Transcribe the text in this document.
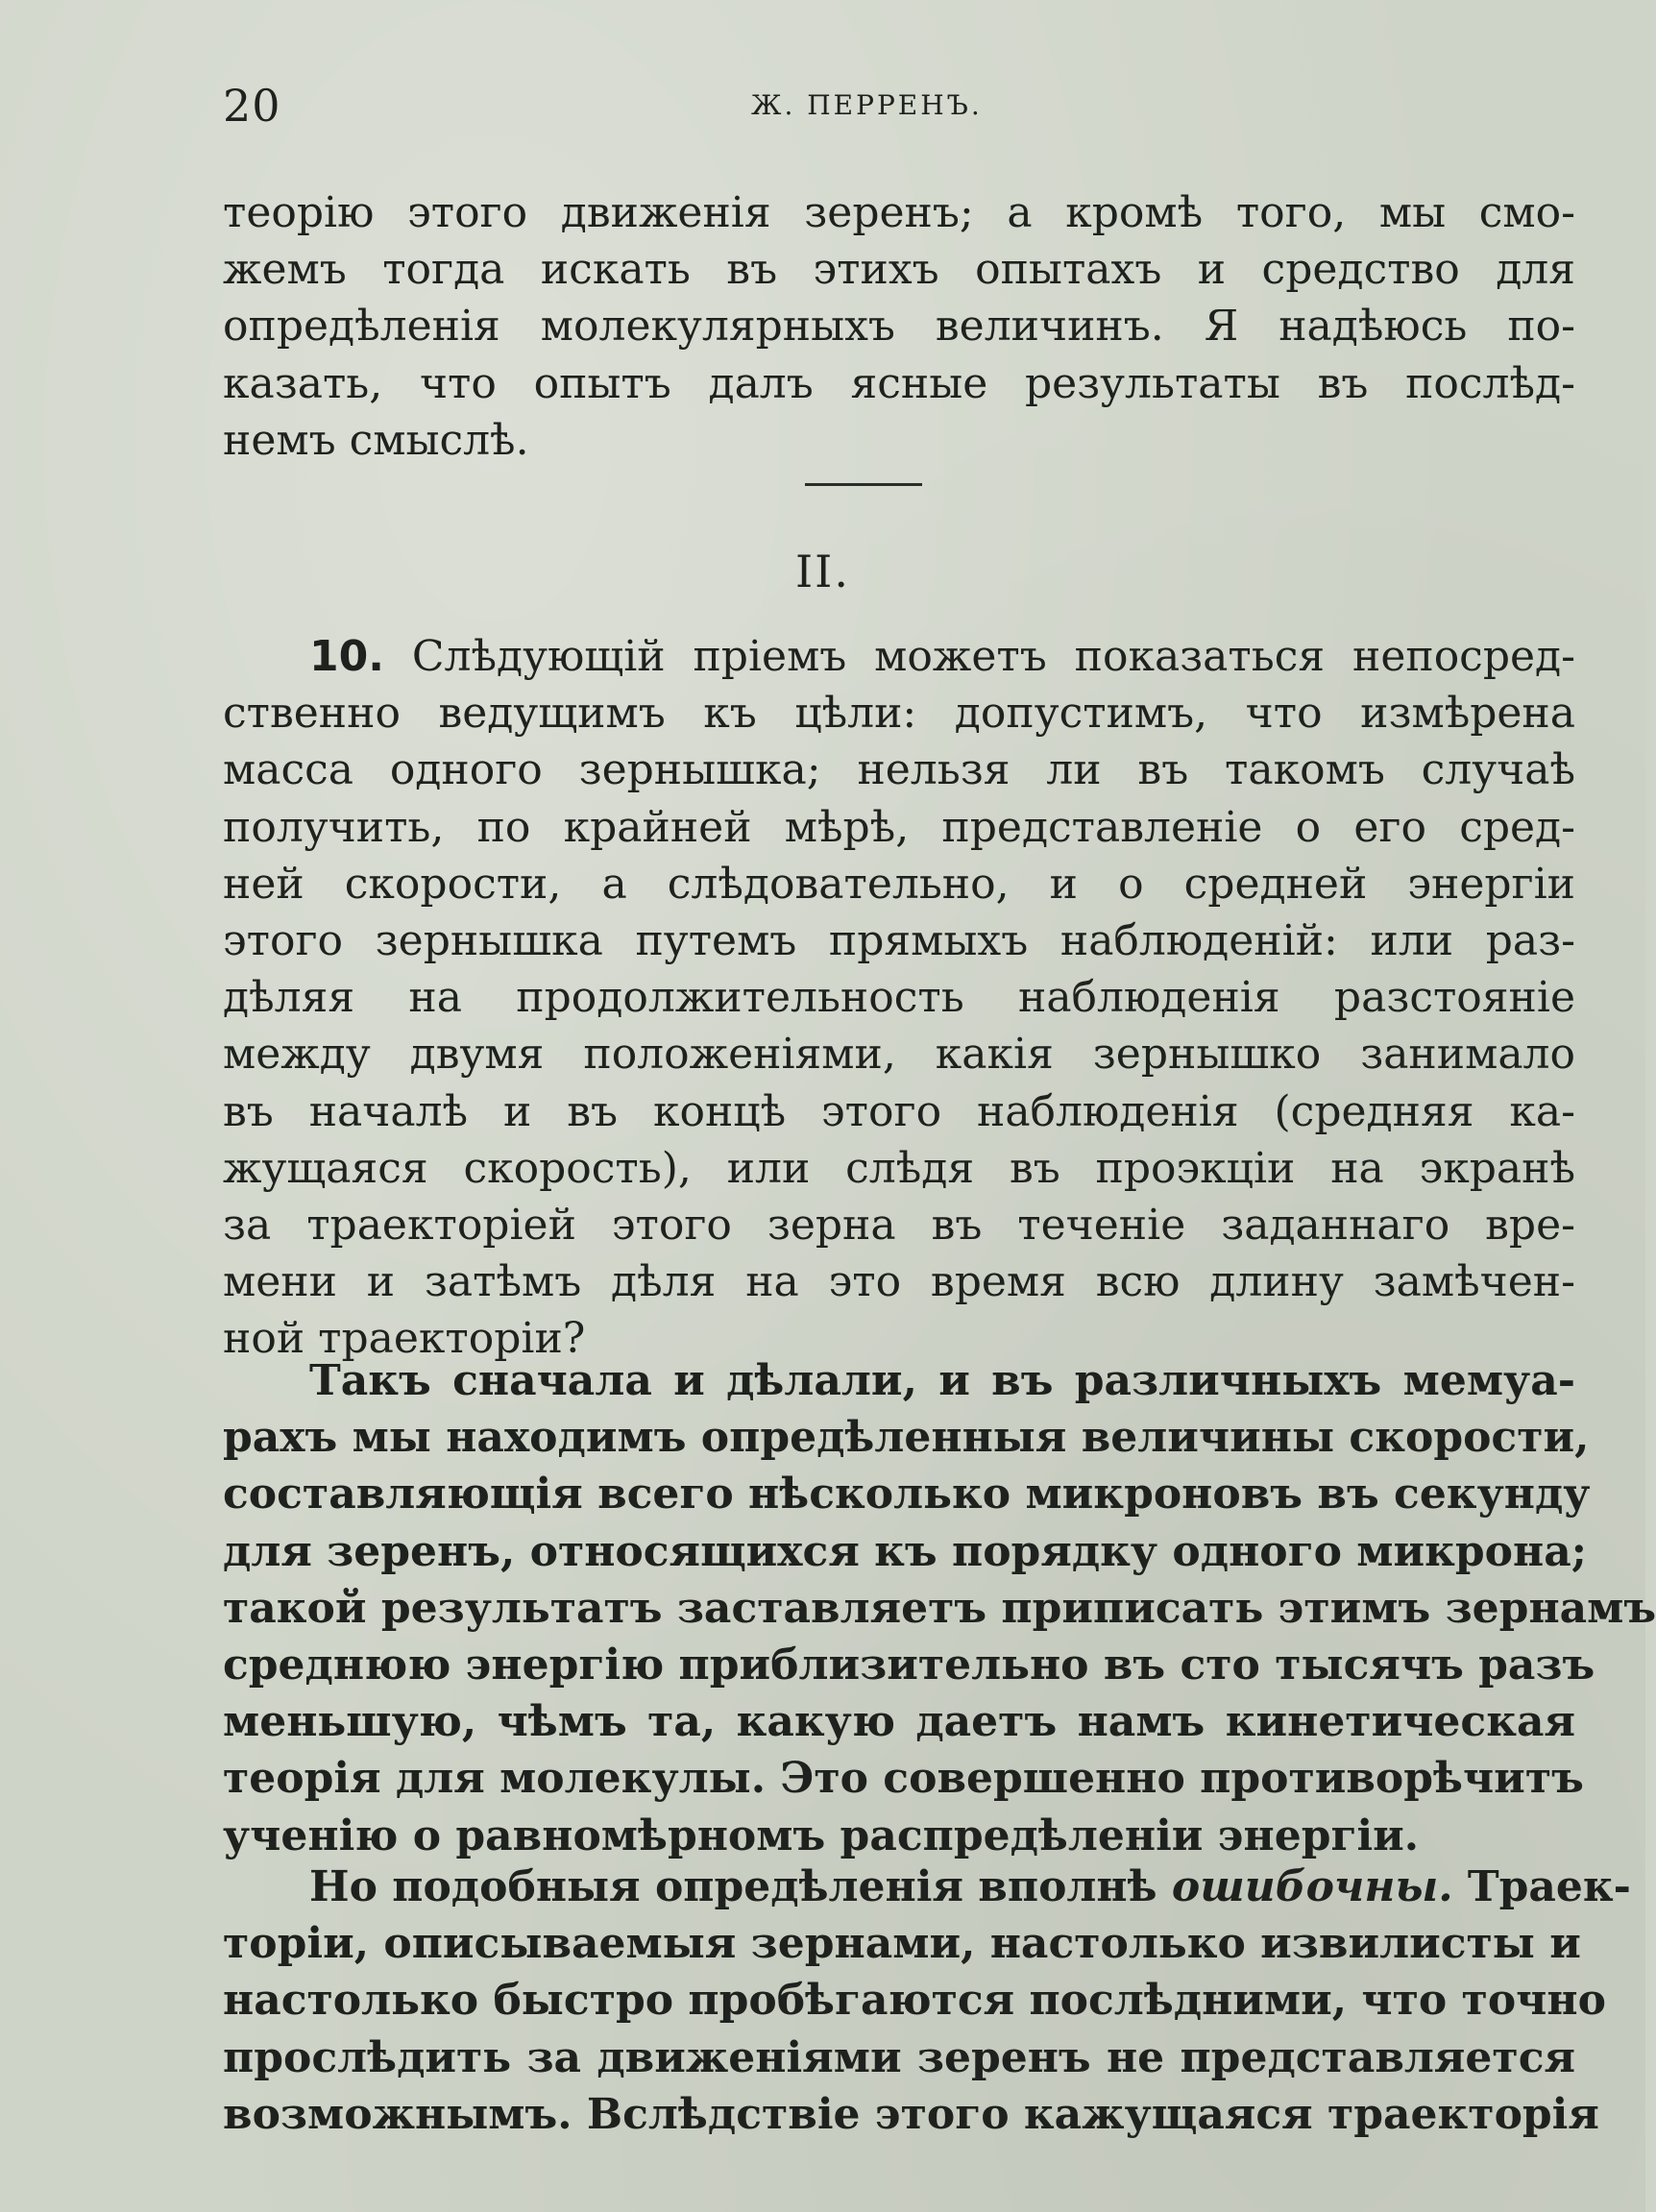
20	Ж. ПЕРРЕНЪ.
теорію этого движенія зеренъ; а кромѣ того, мы смо-
жемъ тогда искать въ этихъ опытахъ и средство для
опредѣленія молекулярныхъ величинъ. Я надѣюсь по-
казать, что опытъ далъ ясные результаты въ послѣд-
немъ смыслѣ.
II.
10. Слѣдующій пріемъ можетъ показаться непосред-
ственно ведущимъ къ цѣли: допустимъ, что измѣрена
масса одного зернышка; нельзя ли въ такомъ случаѣ
получить, по крайней мѣрѣ, представленіе о его сред-
ней скорости, а слѣдовательно, и о средней энергіи
этого зернышка путемъ прямыхъ наблюденій: или раз-
дѣляя на продолжительность наблюденія разстояніе
между двумя положеніями, какія зернышко занимало
въ началѣ и въ концѣ этого наблюденія (средняя ка-
жущаяся скорость), или слѣдя въ проэкціи на экранѣ
за траекторіей этого зерна въ теченіе заданнаго вре-
мени и затѣмъ дѣля на это время всю длину замѣчен-
ной траекторіи?
Такъ сначала и дѣлали, и въ различныхъ мемуа-
рахъ мы находимъ опредѣленныя величины скорости,
составляющія всего нѣсколько микроновъ въ секунду
для зеренъ, относящихся къ порядку одного микрона;
такой результатъ заставляетъ приписать этимъ зернамъ
среднюю энергію приблизительно въ сто тысячъ разъ
меньшую, чѣмъ та, какую даетъ намъ кинетическая
теорія для молекулы. Это совершенно противорѣчитъ
ученію о равномѣрномъ распредѣленіи энергіи.
Но подобныя опредѣленія вполнѣ ошибочны. Траек-
торіи, описываемыя зернами, настолько извилисты и
настолько быстро пробѣгаются послѣдними, что точно
прослѣдить за движеніями зеренъ не представляется
возможнымъ. Вслѣдствіе этого кажущаяся траекторія
